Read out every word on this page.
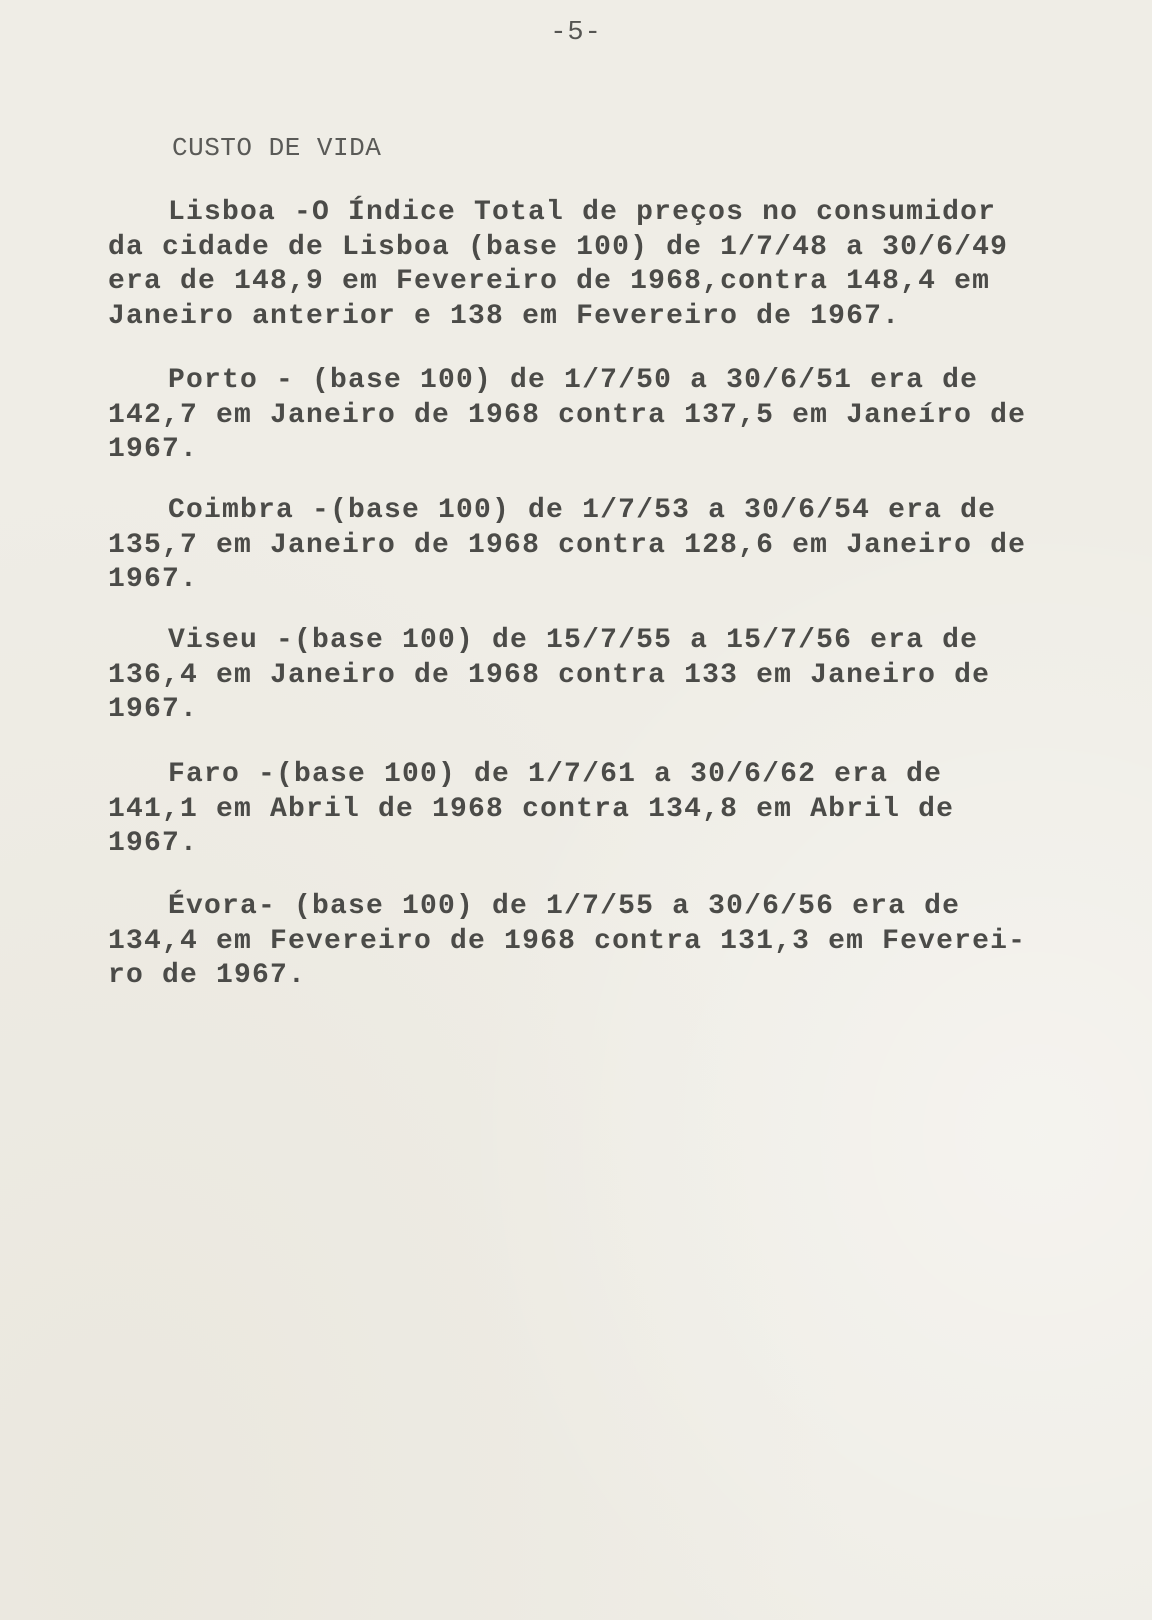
-5-
CUSTO DE VIDA
Lisboa -O Índice Total de preços no consumidor
da cidade de Lisboa (base 100) de 1/7/48 a 30/6/49
era de 148,9 em Fevereiro de 1968,contra 148,4 em
Janeiro anterior e 138 em Fevereiro de 1967.
Porto - (base 100) de 1/7/50 a 30/6/51 era de
142,7 em Janeiro de 1968 contra 137,5 em Janeíro de
1967.
Coimbra -(base 100) de 1/7/53 a 30/6/54 era de
135,7 em Janeiro de 1968 contra 128,6 em Janeiro de
1967.
Viseu -(base 100) de 15/7/55 a 15/7/56 era de
136,4 em Janeiro de 1968 contra 133 em Janeiro de
1967.
Faro -(base 100) de 1/7/61 a 30/6/62 era de
141,1 em Abril de 1968 contra 134,8 em Abril de
1967.
Évora- (base 100) de 1/7/55 a 30/6/56 era de
134,4 em Fevereiro de 1968 contra 131,3 em Feverei-
ro de 1967.
